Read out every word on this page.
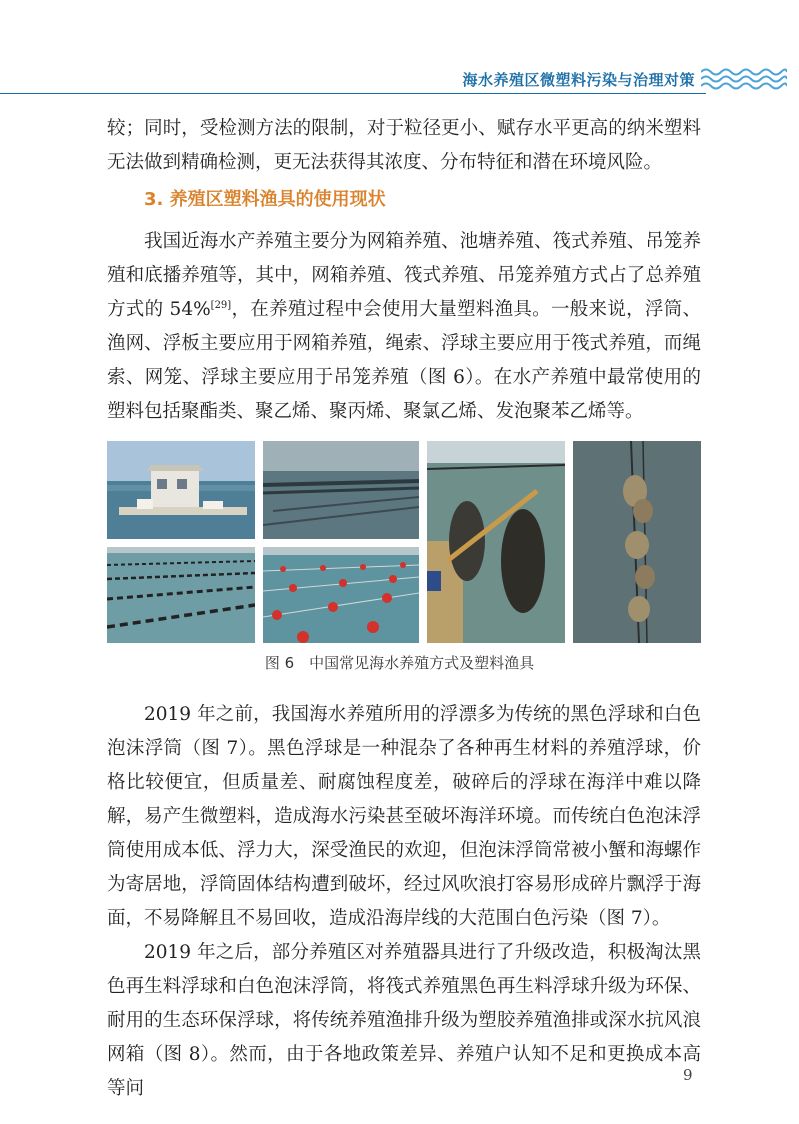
海水养殖区微塑料污染与治理对策

较；同时，受检测方法的限制，对于粒径更小、赋存水平更高的纳米塑料无法做到精确检测，更无法获得其浓度、分布特征和潜在环境风险。

3. 养殖区塑料渔具的使用现状

我国近海水产养殖主要分为网箱养殖、池塘养殖、筏式养殖、吊笼养殖和底播养殖等，其中，网箱养殖、筏式养殖、吊笼养殖方式占了总养殖方式的 54%[29]，在养殖过程中会使用大量塑料渔具。一般来说，浮筒、渔网、浮板主要应用于网箱养殖，绳索、浮球主要应用于筏式养殖，而绳索、网笼、浮球主要应用于吊笼养殖（图 6）。在水产养殖中最常使用的塑料包括聚酯类、聚乙烯、聚丙烯、聚氯乙烯、发泡聚苯乙烯等。

图 6　中国常见海水养殖方式及塑料渔具

2019 年之前，我国海水养殖所用的浮漂多为传统的黑色浮球和白色泡沫浮筒（图 7）。黑色浮球是一种混杂了各种再生材料的养殖浮球，价格比较便宜，但质量差、耐腐蚀程度差，破碎后的浮球在海洋中难以降解，易产生微塑料，造成海水污染甚至破坏海洋环境。而传统白色泡沫浮筒使用成本低、浮力大，深受渔民的欢迎，但泡沫浮筒常被小蟹和海螺作为寄居地，浮筒固体结构遭到破坏，经过风吹浪打容易形成碎片飘浮于海面，不易降解且不易回收，造成沿海岸线的大范围白色污染（图 7）。

2019 年之后，部分养殖区对养殖器具进行了升级改造，积极淘汰黑色再生料浮球和白色泡沫浮筒，将筏式养殖黑色再生料浮球升级为环保、耐用的生态环保浮球，将传统养殖渔排升级为塑胶养殖渔排或深水抗风浪网箱（图 8）。然而，由于各地政策差异、养殖户认知不足和更换成本高等问

9
